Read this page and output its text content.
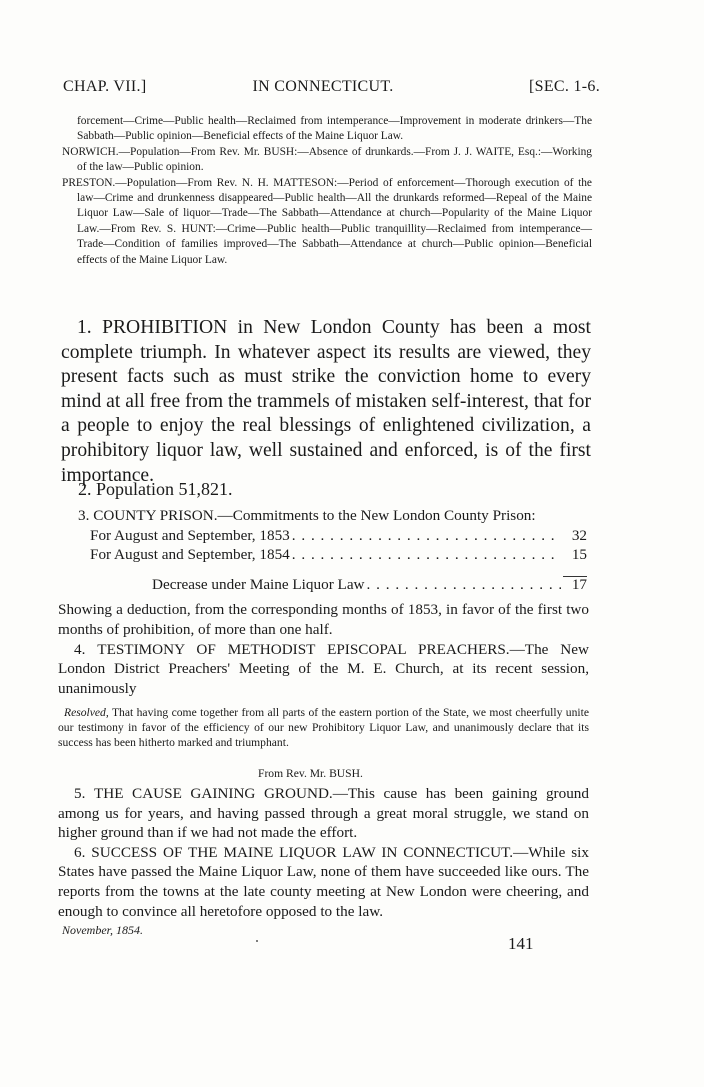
CHAP. VII.]	IN CONNECTICUT.	[SEC. 1-6.

forcement—Crime—Public health—Reclaimed from intemperance—Improvement in moderate drinkers—The Sabbath—Public opinion—Beneficial effects of the Maine Liquor Law.

NORWICH.—Population—From Rev. Mr. BUSH:—Absence of drunkards.—From J. J. WAITE, Esq.:—Working of the law—Public opinion.

PRESTON.—Population—From Rev. N. H. MATTESON:—Period of enforcement—Thorough execution of the law—Crime and drunkenness disappeared—Public health—All the drunkards reformed—Repeal of the Maine Liquor Law—Sale of liquor—Trade—The Sabbath—Attendance at church—Popularity of the Maine Liquor Law.—From Rev. S. HUNT:—Crime—Public health—Public tranquillity—Reclaimed from intemperance—Trade—Condition of families improved—The Sabbath—Attendance at church—Public opinion—Beneficial effects of the Maine Liquor Law.

1. PROHIBITION in New London County has been a most complete triumph. In whatever aspect its results are viewed, they present facts such as must strike the conviction home to every mind at all free from the trammels of mistaken self-interest, that for a people to enjoy the real blessings of enlightened civilization, a prohibitory liquor law, well sustained and enforced, is of the first importance.

2. Population 51,821.

3. COUNTY PRISON.—Commitments to the New London County Prison:

For August and September, 1853 . . .	32
For August and September, 1854 . . .	15
Decrease under Maine Liquor Law . . .	17

Showing a deduction, from the corresponding months of 1853, in favor of the first two months of prohibition, of more than one half.

4. TESTIMONY OF METHODIST EPISCOPAL PREACHERS.—The New London District Preachers' Meeting of the M. E. Church, at its recent session, unanimously

Resolved, That having come together from all parts of the eastern portion of the State, we most cheerfully unite our testimony in favor of the efficiency of our new Prohibitory Liquor Law, and unanimously declare that its success has been hitherto marked and triumphant.

From Rev. Mr. BUSH.

5. THE CAUSE GAINING GROUND.—This cause has been gaining ground among us for years, and having passed through a great moral struggle, we stand on higher ground than if we had not made the effort.

6. SUCCESS OF THE MAINE LIQUOR LAW IN CONNECTICUT.—While six States have passed the Maine Liquor Law, none of them have succeeded like ours. The reports from the towns at the late county meeting at New London were cheering, and enough to convince all heretofore opposed to the law.

November, 1854.

141
